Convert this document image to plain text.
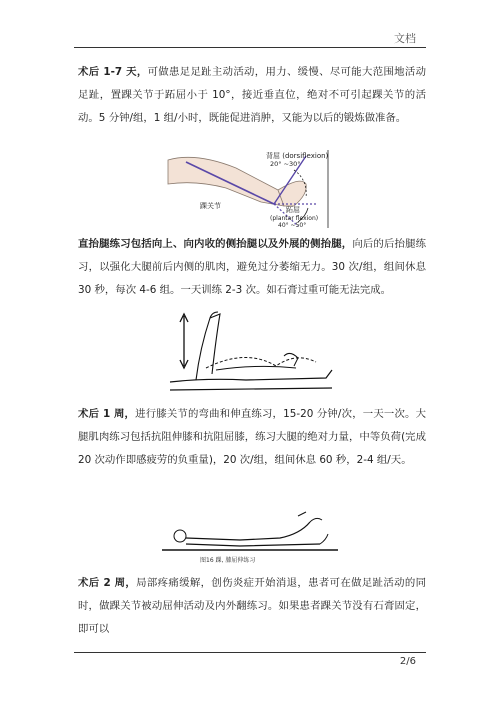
文档
术后 1-7 天，可做患足足趾主动活动，用力、缓慢、尽可能大范围地活动足趾，置踝关节于跖屈小于 10°，接近垂直位，绝对不可引起踝关节的活动。5 分钟/组，1 组/小时，既能促进消肿，又能为以后的锻炼做准备。
背屈 (dorsiflexion)
20° ~30°
踝关节	跖屈
(plantar flexion)
40° ~50°
直抬腿练习包括向上、向内收的侧抬腿以及外展的侧抬腿，向后的后抬腿练习，以强化大腿前后内侧的肌肉，避免过分萎缩无力。30 次/组，组间休息 30 秒，每次 4-6 组。一天训练 2-3 次。如石膏过重可能无法完成。
术后 1 周，进行膝关节的弯曲和伸直练习，15-20 分钟/次，一天一次。大腿肌肉练习包括抗阻伸膝和抗阻屈膝，练习大腿的绝对力量，中等负荷(完成 20 次动作即感疲劳的负重量)，20 次/组，组间休息 60 秒，2-4 组/天。
图16 踝, 膝屈伸练习
术后 2 周，局部疼痛缓解，创伤炎症开始消退，患者可在做足趾活动的同时，做踝关节被动屈伸活动及内外翻练习。如果患者踝关节没有石膏固定，即可以
2/6
